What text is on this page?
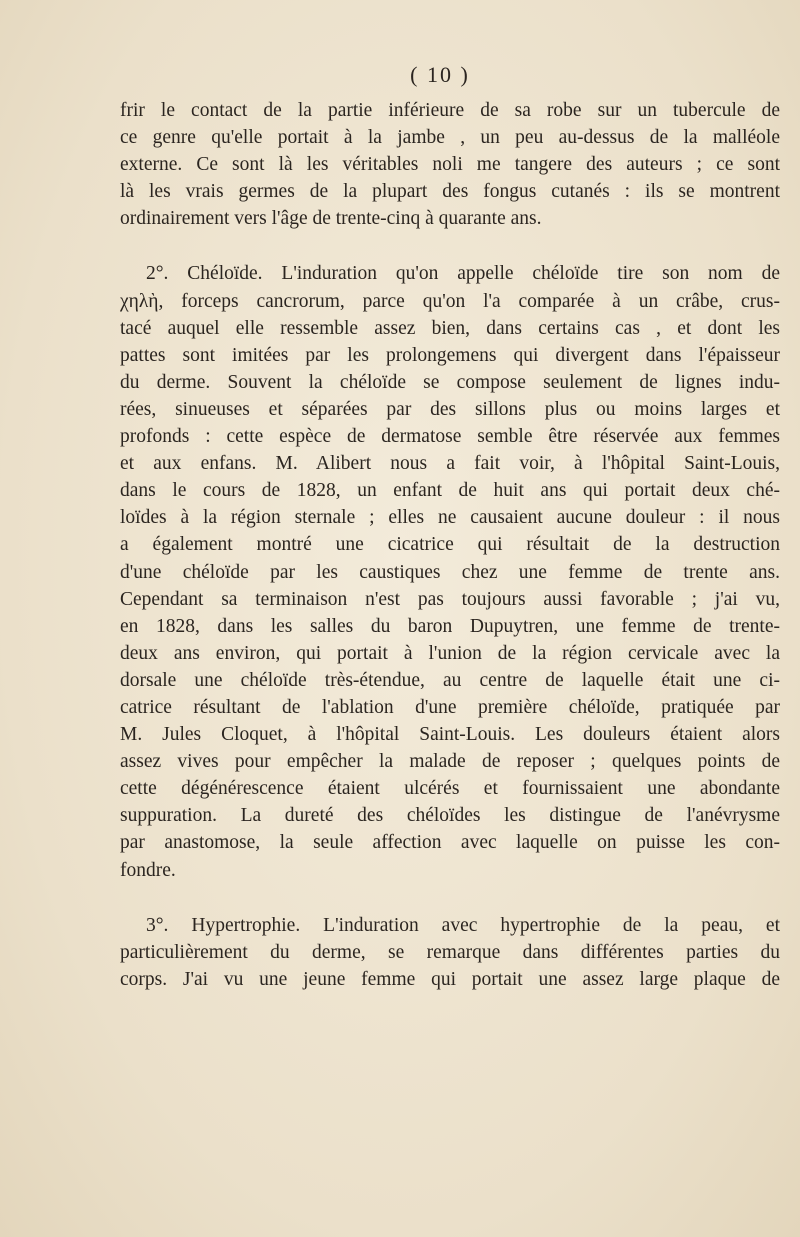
( 10 )

frir le contact de la partie inférieure de sa robe sur un tubercule de
ce genre qu'elle portait à la jambe , un peu au-dessus de la malléole
externe. Ce sont là les véritables noli me tangere des auteurs ; ce sont
là les vrais germes de la plupart des fongus cutanés : ils se montrent
ordinairement vers l'âge de trente-cinq à quarante ans.

2°. Chéloïde. L'induration qu'on appelle chéloïde tire son nom de
χηλὴ, forceps cancrorum, parce qu'on l'a comparée à un crâbe, crus-
tacé auquel elle ressemble assez bien, dans certains cas , et dont les
pattes sont imitées par les prolongemens qui divergent dans l'épaisseur
du derme. Souvent la chéloïde se compose seulement de lignes indu-
rées, sinueuses et séparées par des sillons plus ou moins larges et
profonds : cette espèce de dermatose semble être réservée aux femmes
et aux enfans. M. Alibert nous a fait voir, à l'hôpital Saint-Louis,
dans le cours de 1828, un enfant de huit ans qui portait deux ché-
loïdes à la région sternale ; elles ne causaient aucune douleur : il nous
a également montré une cicatrice qui résultait de la destruction
d'une chéloïde par les caustiques chez une femme de trente ans.
Cependant sa terminaison n'est pas toujours aussi favorable ; j'ai vu,
en 1828, dans les salles du baron Dupuytren, une femme de trente-
deux ans environ, qui portait à l'union de la région cervicale avec la
dorsale une chéloïde très-étendue, au centre de laquelle était une ci-
catrice résultant de l'ablation d'une première chéloïde, pratiquée par
M. Jules Cloquet, à l'hôpital Saint-Louis. Les douleurs étaient alors
assez vives pour empêcher la malade de reposer ; quelques points de
cette dégénérescence étaient ulcérés et fournissaient une abondante
suppuration. La dureté des chéloïdes les distingue de l'anévrysme
par anastomose, la seule affection avec laquelle on puisse les con-
fondre.

3°. Hypertrophie. L'induration avec hypertrophie de la peau, et
particulièrement du derme, se remarque dans différentes parties du
corps. J'ai vu une jeune femme qui portait une assez large plaque de
